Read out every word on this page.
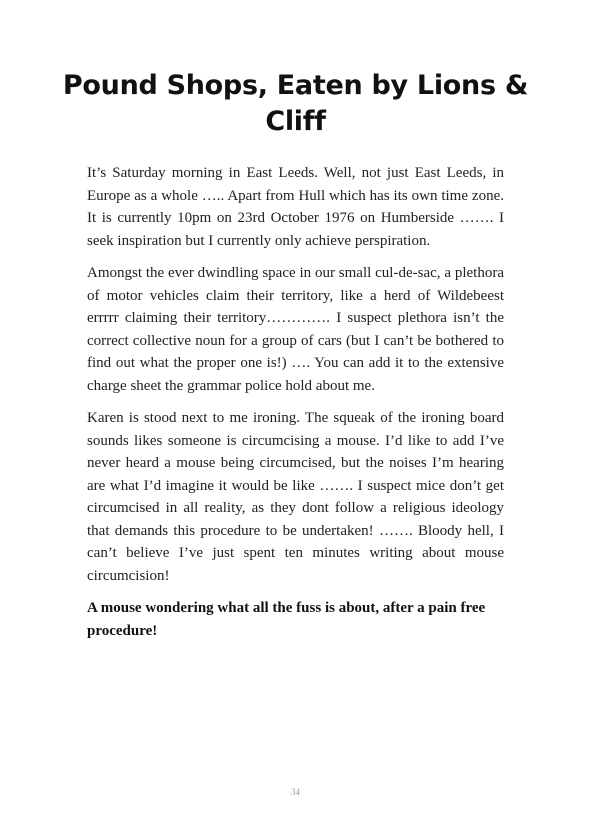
Pound Shops, Eaten by Lions & Cliff

It’s Saturday morning in East Leeds. Well, not just East Leeds, in Europe as a whole ….. Apart from Hull which has its own time zone. It is currently 10pm on 23rd October 1976 on Humberside ……. I seek inspiration but I currently only achieve perspiration.

Amongst the ever dwindling space in our small cul-de-sac, a plethora of motor vehicles claim their territory, like a herd of Wildebeest errrrr claiming their territory…………. I suspect plethora isn’t the correct collective noun for a group of cars (but I can’t be bothered to find out what the proper one is!) …. You can add it to the extensive charge sheet the grammar police hold about me.

Karen is stood next to me ironing. The squeak of the ironing board sounds likes someone is circumcising a mouse. I’d like to add I’ve never heard a mouse being circumcised, but the noises I’m hearing are what I’d imagine it would be like ……. I suspect mice don’t get circumcised in all reality, as they dont follow a religious ideology that demands this procedure to be undertaken! ……. Bloody hell, I can’t believe I’ve just spent ten minutes writing about mouse circumcision!

A mouse wondering what all the fuss is about, after a pain free procedure!

34
